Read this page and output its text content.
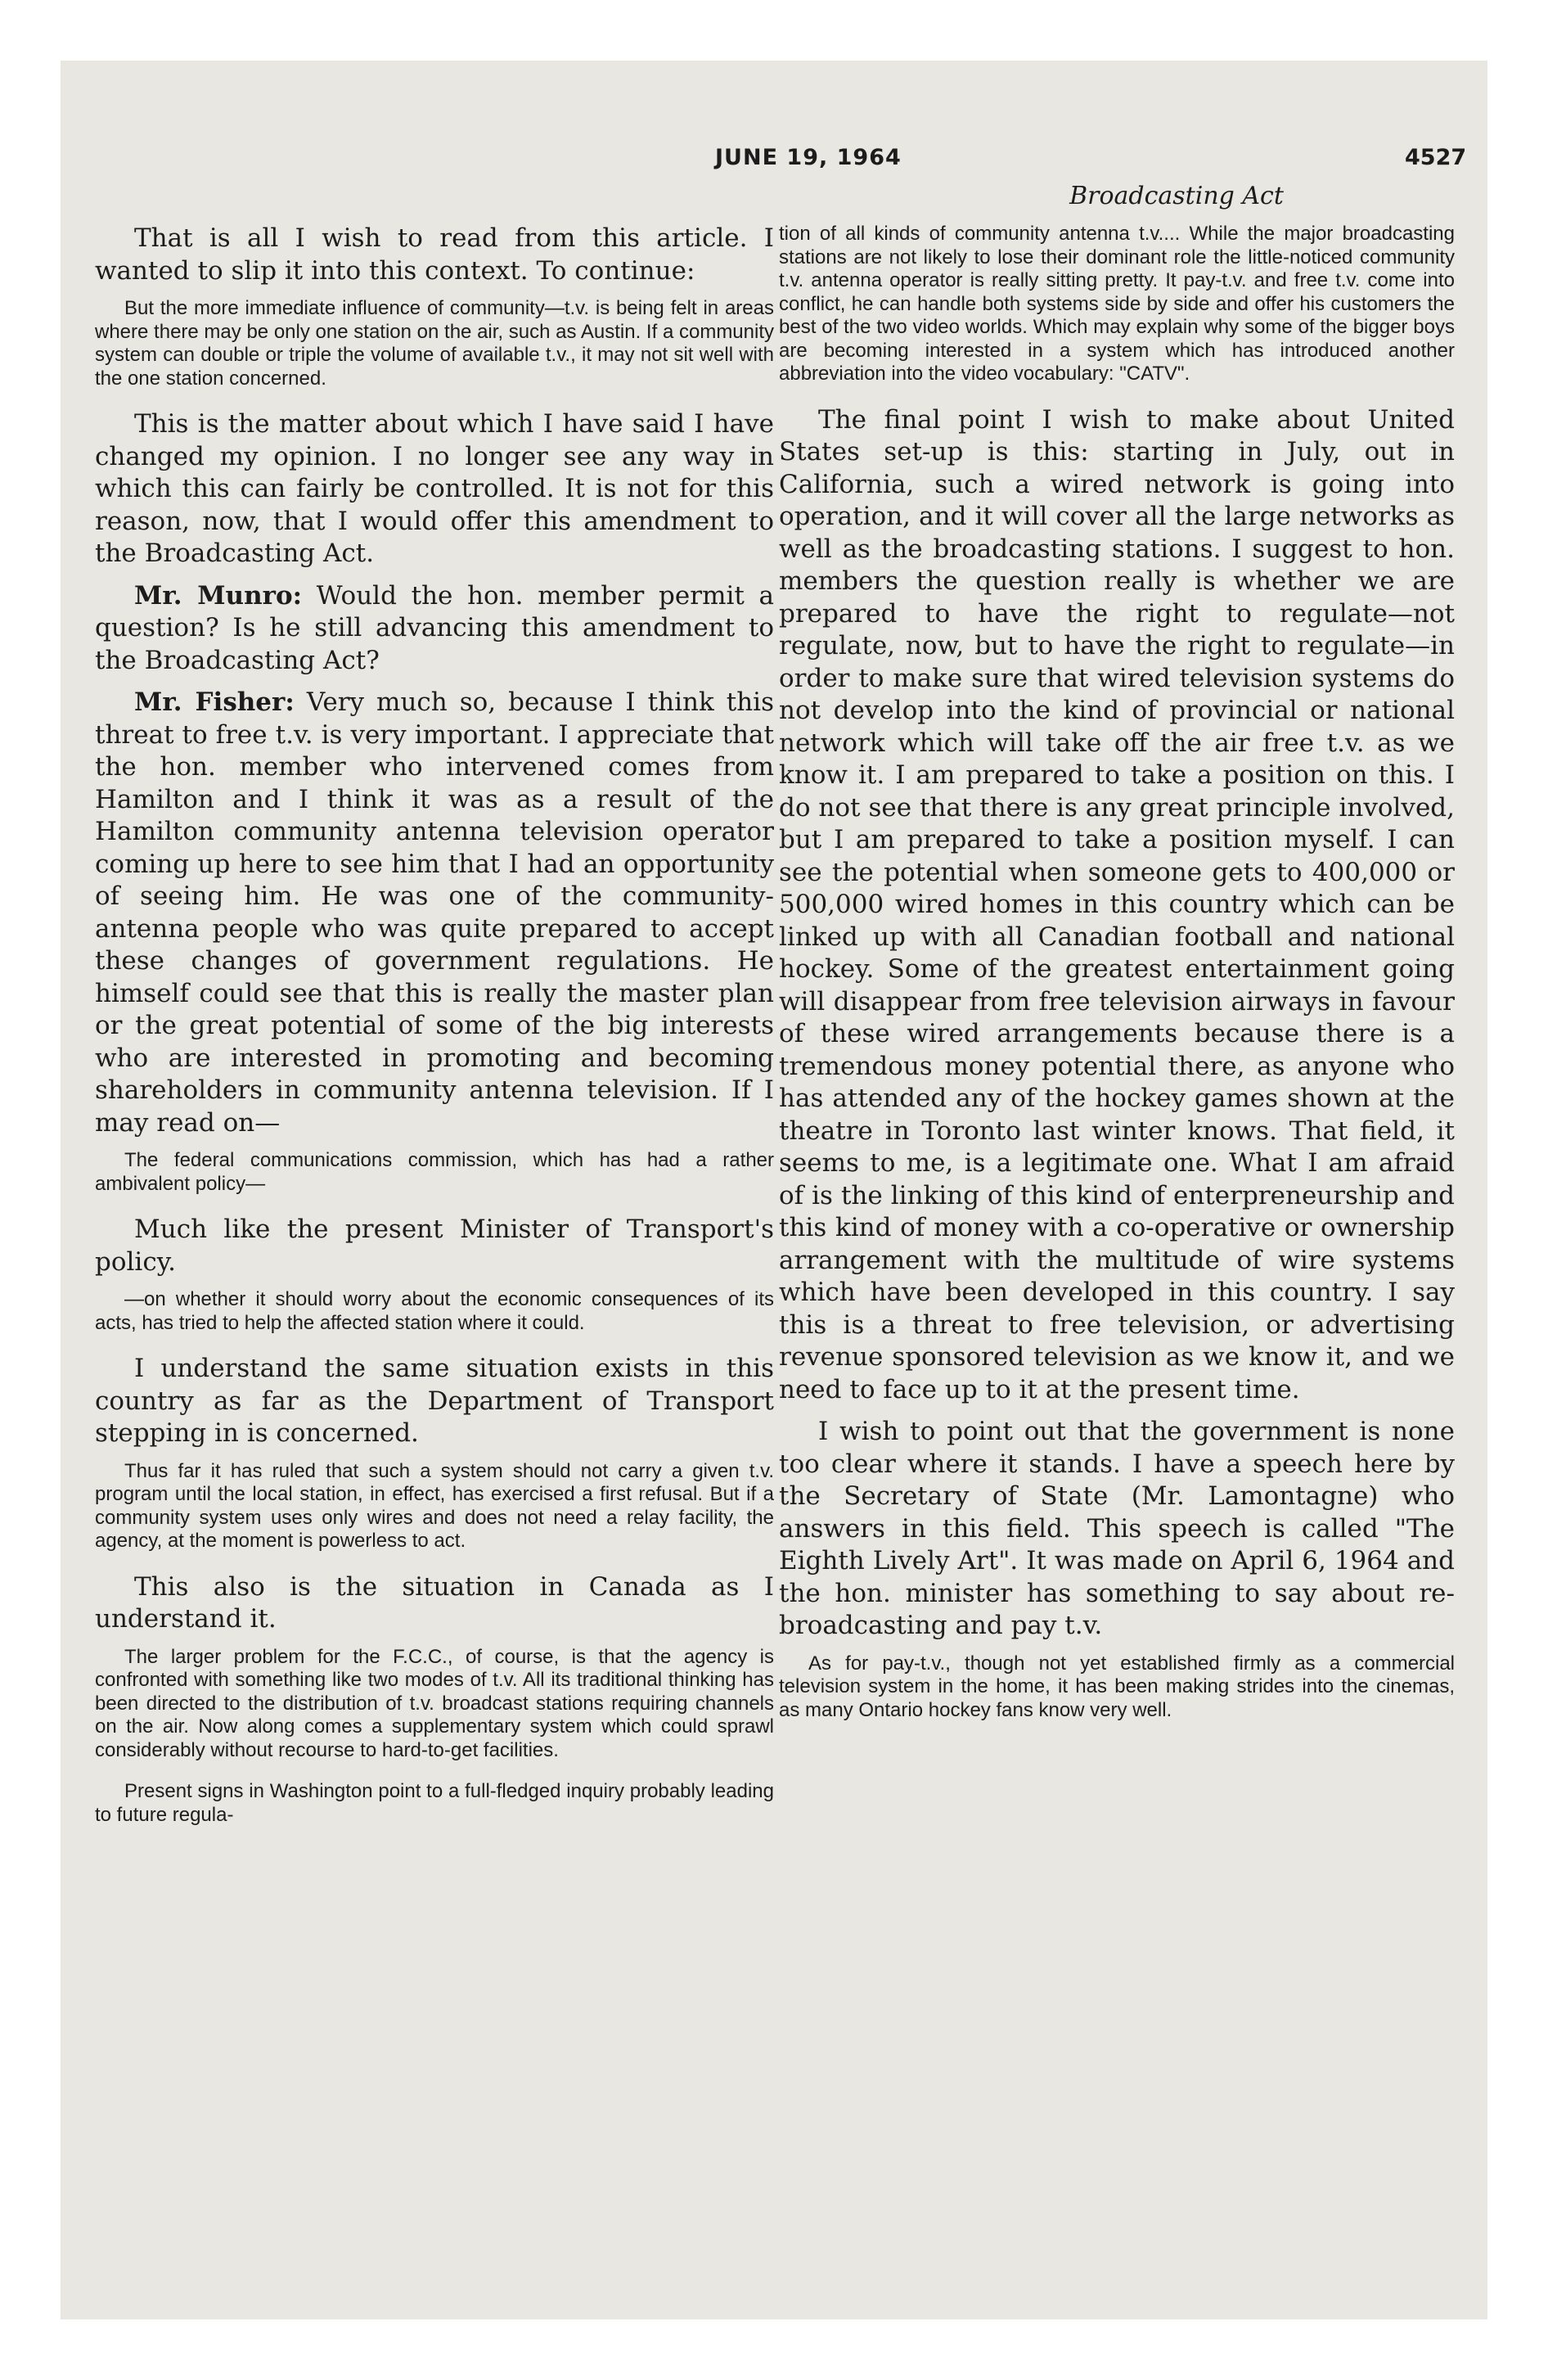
JUNE 19, 1964	4527
Broadcasting Act

That is all I wish to read from this article. I wanted to slip it into this context. To continue:

But the more immediate influence of community—t.v. is being felt in areas where there may be only one station on the air, such as Austin. If a community system can double or triple the volume of available t.v., it may not sit well with the one station concerned.

This is the matter about which I have said I have changed my opinion. I no longer see any way in which this can fairly be controlled. It is not for this reason, now, that I would offer this amendment to the Broadcasting Act.

Mr. Munro: Would the hon. member permit a question? Is he still advancing this amendment to the Broadcasting Act?

Mr. Fisher: Very much so, because I think this threat to free t.v. is very important. I appreciate that the hon. member who intervened comes from Hamilton and I think it was as a result of the Hamilton community antenna television operator coming up here to see him that I had an opportunity of seeing him. He was one of the community-antenna people who was quite prepared to accept these changes of government regulations. He himself could see that this is really the master plan or the great potential of some of the big interests who are interested in promoting and becoming shareholders in community antenna television. If I may read on—

The federal communications commission, which has had a rather ambivalent policy—

Much like the present Minister of Transport's policy.

—on whether it should worry about the economic consequences of its acts, has tried to help the affected station where it could.

I understand the same situation exists in this country as far as the Department of Transport stepping in is concerned.

Thus far it has ruled that such a system should not carry a given t.v. program until the local station, in effect, has exercised a first refusal. But if a community system uses only wires and does not need a relay facility, the agency, at the moment is powerless to act.

This also is the situation in Canada as I understand it.

The larger problem for the F.C.C., of course, is that the agency is confronted with something like two modes of t.v. All its traditional thinking has been directed to the distribution of t.v. broadcast stations requiring channels on the air. Now along comes a supplementary system which could sprawl considerably without recourse to hard-to-get facilities.

Present signs in Washington point to a full-fledged inquiry probably leading to future regula-

tion of all kinds of community antenna t.v.... While the major broadcasting stations are not likely to lose their dominant role the little-noticed community t.v. antenna operator is really sitting pretty. It pay-t.v. and free t.v. come into conflict, he can handle both systems side by side and offer his customers the best of the two video worlds. Which may explain why some of the bigger boys are becoming interested in a system which has introduced another abbreviation into the video vocabulary: "CATV".

The final point I wish to make about United States set-up is this: starting in July, out in California, such a wired network is going into operation, and it will cover all the large networks as well as the broadcasting stations. I suggest to hon. members the question really is whether we are prepared to have the right to regulate—not regulate, now, but to have the right to regulate—in order to make sure that wired television systems do not develop into the kind of provincial or national network which will take off the air free t.v. as we know it. I am prepared to take a position on this. I do not see that there is any great principle involved, but I am prepared to take a position myself. I can see the potential when someone gets to 400,000 or 500,000 wired homes in this country which can be linked up with all Canadian football and national hockey. Some of the greatest entertainment going will disappear from free television airways in favour of these wired arrangements because there is a tremendous money potential there, as anyone who has attended any of the hockey games shown at the theatre in Toronto last winter knows. That field, it seems to me, is a legitimate one. What I am afraid of is the linking of this kind of enterpreneurship and this kind of money with a co-operative or ownership arrangement with the multitude of wire systems which have been developed in this country. I say this is a threat to free television, or advertising revenue sponsored television as we know it, and we need to face up to it at the present time.

I wish to point out that the government is none too clear where it stands. I have a speech here by the Secretary of State (Mr. Lamontagne) who answers in this field. This speech is called "The Eighth Lively Art". It was made on April 6, 1964 and the hon. minister has something to say about re-broadcasting and pay t.v.

As for pay-t.v., though not yet established firmly as a commercial television system in the home, it has been making strides into the cinemas, as many Ontario hockey fans know very well.
